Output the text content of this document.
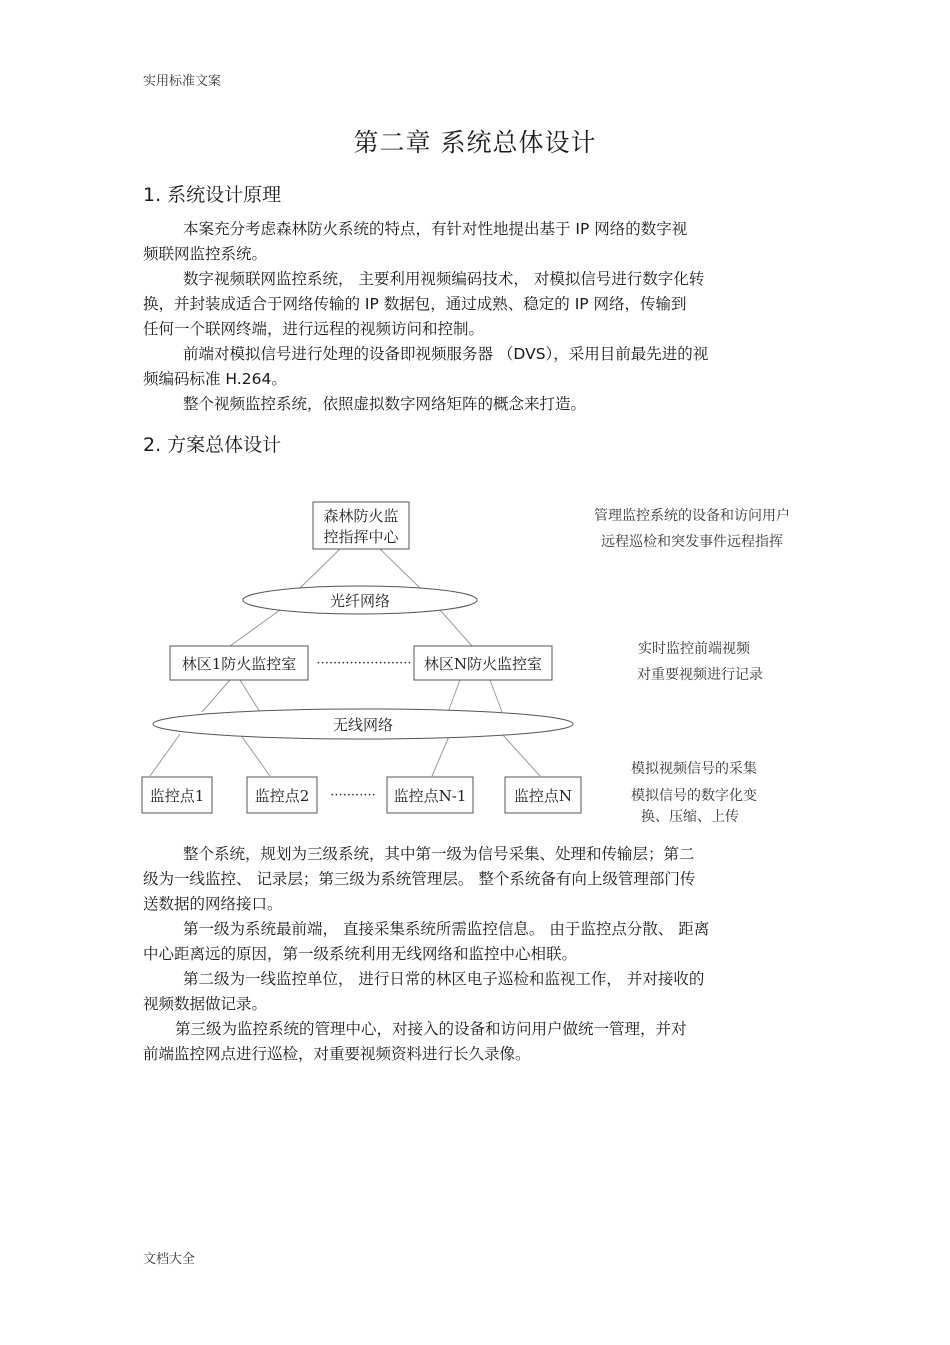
实用标准文案
第二章 系统总体设计
1. 系统设计原理
本案充分考虑森林防火系统的特点，有针对性地提出基于 IP 网络的数字视
频联网监控系统。
数字视频联网监控系统， 主要利用视频编码技术， 对模拟信号进行数字化转
换，并封装成适合于网络传输的 IP 数据包，通过成熟、稳定的 IP 网络，传输到
任何一个联网终端，进行远程的视频访问和控制。
前端对模拟信号进行处理的设备即视频服务器 （DVS），采用目前最先进的视
频编码标准 H.264。
整个视频监控系统，依照虚拟数字网络矩阵的概念来打造。
2. 方案总体设计
森林防火监
控指挥中心
光纤网络
林区1防火监控室 ······················· 林区N防火监控室
无线网络
监控点1	监控点2 ··········· 监控点N-1	监控点N
管理监控系统的设备和访问用户
远程巡检和突发事件远程指挥
实时监控前端视频
对重要视频进行记录
模拟视频信号的采集
模拟信号的数字化变
换、压缩、上传
整个系统，规划为三级系统，其中第一级为信号采集、处理和传输层；第二
级为一线监控、 记录层；第三级为系统管理层。 整个系统备有向上级管理部门传
送数据的网络接口。
第一级为系统最前端， 直接采集系统所需监控信息。 由于监控点分散、 距离
中心距离远的原因，第一级系统利用无线网络和监控中心相联。
第二级为一线监控单位， 进行日常的林区电子巡检和监视工作， 并对接收的
视频数据做记录。
第三级为监控系统的管理中心，对接入的设备和访问用户做统一管理，并对
前端监控网点进行巡检，对重要视频资料进行长久录像。
文档大全
